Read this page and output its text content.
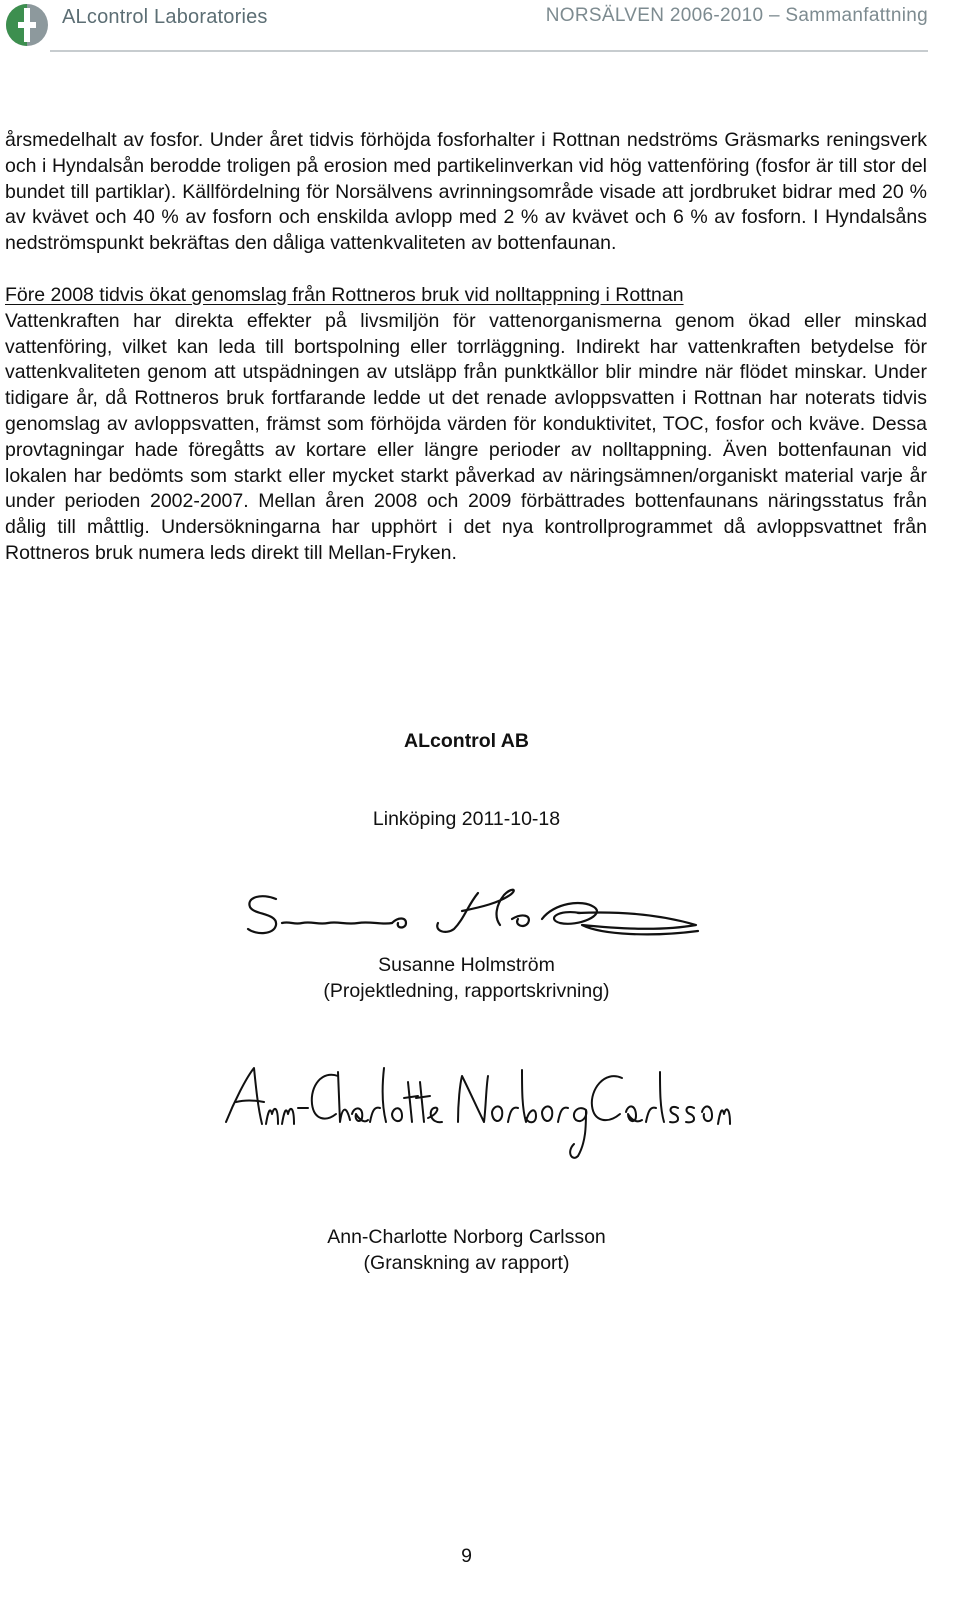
ALcontrol Laboratories	NORSÄLVEN 2006-2010 – Sammanfattning

årsmedelhalt av fosfor. Under året tidvis förhöjda fosforhalter i Rottnan nedströms Gräsmarks reningsverk och i Hyndalsån berodde troligen på erosion med partikelinverkan vid hög vattenföring (fosfor är till stor del bundet till partiklar). Källfördelning för Norsälvens avrinningsområde visade att jordbruket bidrar med 20 % av kvävet och 40 % av fosforn och enskilda avlopp med 2 % av kvävet och 6 % av fosforn. I Hyndalsåns nedströmspunkt bekräftas den dåliga vattenkvaliteten av bottenfaunan.

Före 2008 tidvis ökat genomslag från Rottneros bruk vid nolltappning i Rottnan
Vattenkraften har direkta effekter på livsmiljön för vattenorganismerna genom ökad eller minskad vattenföring, vilket kan leda till bortspolning eller torrläggning. Indirekt har vattenkraften betydelse för vattenkvaliteten genom att utspädningen av utsläpp från punktkällor blir mindre när flödet minskar. Under tidigare år, då Rottneros bruk fortfarande ledde ut det renade avloppsvatten i Rottnan har noterats tidvis genomslag av avloppsvatten, främst som förhöjda värden för konduktivitet, TOC, fosfor och kväve. Dessa provtagningar hade föregåtts av kortare eller längre perioder av nolltappning. Även bottenfaunan vid lokalen har bedömts som starkt eller mycket starkt påverkad av näringsämnen/organiskt material varje år under perioden 2002-2007. Mellan åren 2008 och 2009 förbättrades bottenfaunans näringsstatus från dålig till måttlig. Undersökningarna har upphört i det nya kontrollprogrammet då avloppsvattnet från Rottneros bruk numera leds direkt till Mellan-Fryken.

ALcontrol AB
Linköping 2011-10-18
Susanne Holmström
(Projektledning, rapportskrivning)
Ann-Charlotte Norborg Carlsson
(Granskning av rapport)
9
